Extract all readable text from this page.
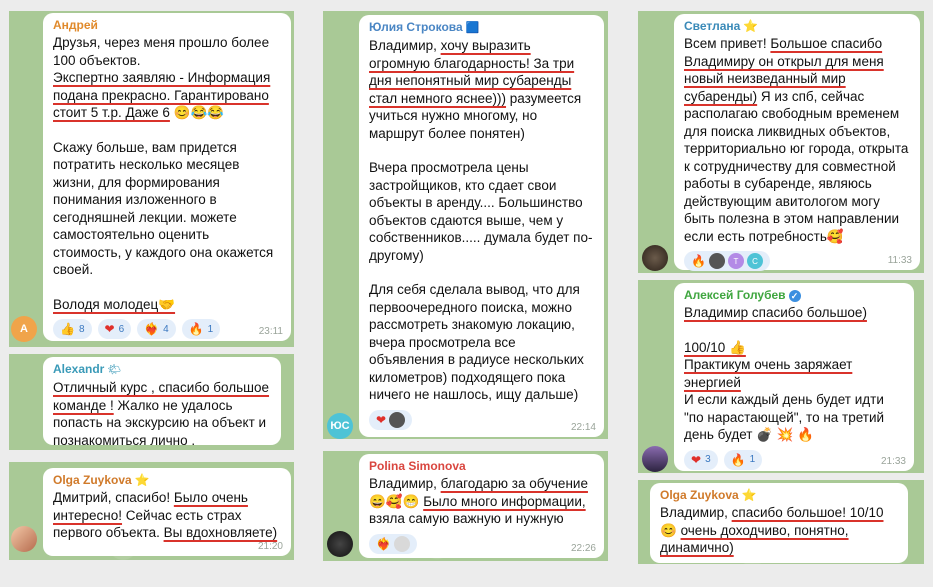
Андрей

Друзья, через меня прошло более 100 объектов.
Экспертно заявляю - Информация подана прекрасно. Гарантировано стоит 5 т.р. Даже 6 😊😂😂

Скажу больше, вам придется потратить несколько месяцев жизни, для формирования понимания изложенного в сегодняшней лекции. можете самостоятельно оценить стоимость, у каждого она окажется своей.

Володя молодец🤝

👍 8 ❤ 6 ❤‍🔥 4 🔥 1	23:11
А
Alexandr 🌤
Отличный курс , спасибо большое команде ! Жалко не удалось попасть на экскурсию на объект и познакомиться лично .
Olga Zuykova ⭐
Дмитрий, спасибо! Было очень интересно! Сейчас есть страх первого объекта. Вы вдохновляете)
21:20
Юлия Строкова 🟦

Владимир, хочу выразить огромную благодарность! За три дня непонятный мир субаренды стал немного яснее))) разумеется учиться нужно многому, но маршрут более понятен)

Вчера просмотрела цены застройщиков, кто сдает свои объекты в аренду.... Большинство объектов сдаются выше, чем у собственников..... думала будет по-другому)

Для себя сделала вывод, что для первоочередного поиска, можно рассмотреть знакомую локацию, вчера просмотрела все объявления в радиусе нескольких километров) подходящего пока ничего не нашлось, ищу дальше)

❤
22:14
ЮС
Polina Simonova
Владимир, благодарю за обучение 😄🥰😁 Было много информации, взяла самую важную и нужную
❤‍🔥	22:26
Светлана ⭐
Всем привет! Большое спасибо Владимиру он открыл для меня новый неизведанный мир субаренды) Я из спб, сейчас располагаю свободным временем для поиска ликвидных объектов, территориально юг города, открыта к сотрудничеству для совместной работы в субаренде, являюсь действующим авитологом могу быть полезна в этом направлении если есть потребность🥰
🔥	Т	С	11:33
Алексей Голубев ✓
Владимир спасибо большое)
100/10 👍
Практикум очень заряжает энергией
И если каждый день будет идти "по нарастающей", то на третий день будет 💣 💥 🔥
❤ 3 🔥 1	21:33
Olga Zuykova ⭐
Владимир, спасибо большое! 10/10
😊 очень доходчиво, понятно, динамично)
